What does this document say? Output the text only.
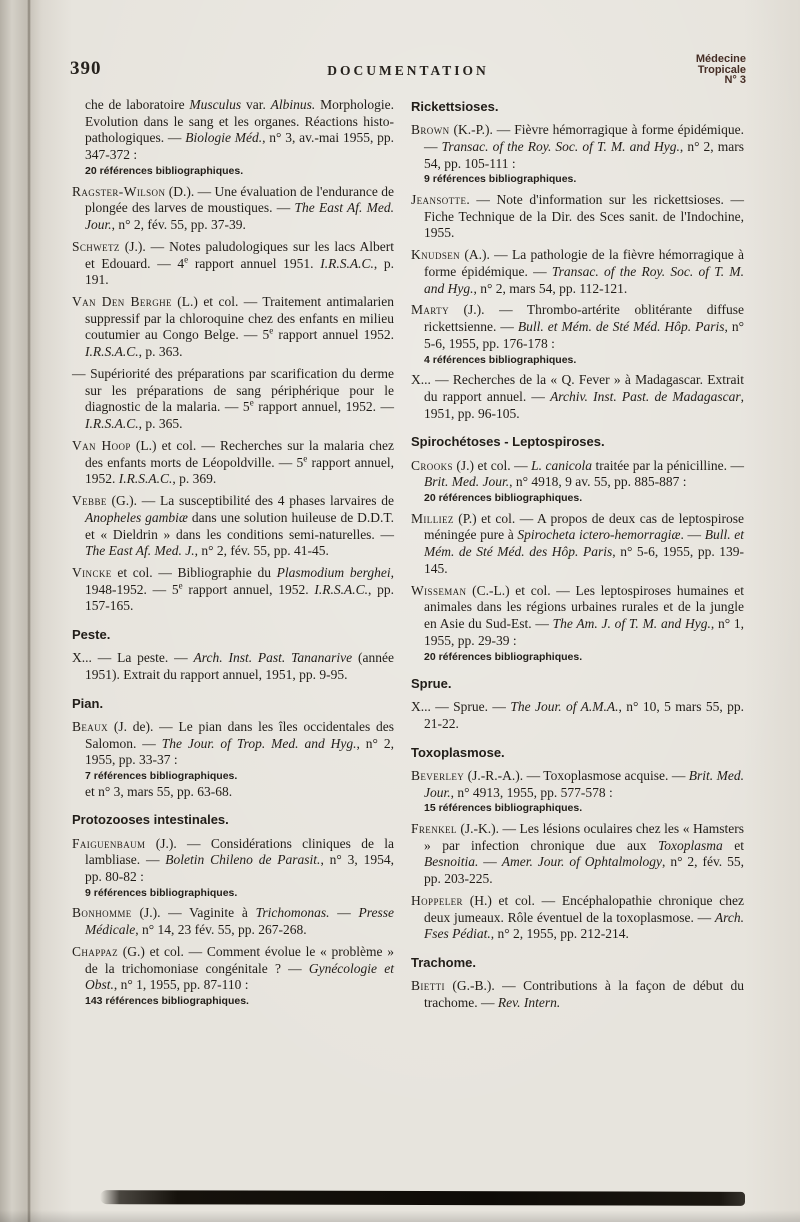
390	DOCUMENTATION
Médecine
Tropicale
N° 3

che de laboratoire Musculus var. Albinus. Morphologie. Evolution dans le sang et les organes. Réactions histo-pathologiques. — Biologie Méd., n° 3, av.-mai 1955, pp. 347-372 :
20 références bibliographiques.

Ragster-Wilson (D.). — Une évaluation de l'endurance de plongée des larves de moustiques. — The East Af. Med. Jour., n° 2, fév. 55, pp. 37-39.

Schwetz (J.). — Notes paludologiques sur les lacs Albert et Edouard. — 4e rapport annuel 1951. I.R.S.A.C., p. 191.

Van Den Berghe (L.) et col. — Traitement antimalarien suppressif par la chloroquine chez des enfants en milieu coutumier au Congo Belge. — 5e rapport annuel 1952. I.R.S.A.C., p. 363.

— Supériorité des préparations par scarification du derme sur les préparations de sang périphérique pour le diagnostic de la malaria. — 5e rapport annuel, 1952. — I.R.S.A.C., p. 365.

Van Hoop (L.) et col. — Recherches sur la malaria chez des enfants morts de Léopoldville. — 5e rapport annuel, 1952. I.R.S.A.C., p. 369.

Vebbe (G.). — La susceptibilité des 4 phases larvaires de Anopheles gambiæ dans une solution huileuse de D.D.T. et « Dieldrin » dans les conditions semi-naturelles. — The East Af. Med. J., n° 2, fév. 55, pp. 41-45.

Vincke et col. — Bibliographie du Plasmodium berghei, 1948-1952. — 5e rapport annuel, 1952. I.R.S.A.C., pp. 157-165.

Peste.

X... — La peste. — Arch. Inst. Past. Tananarive (année 1951). Extrait du rapport annuel, 1951, pp. 9-95.

Pian.

Beaux (J. de). — Le pian dans les îles occidentales des Salomon. — The Jour. of Trop. Med. and Hyg., n° 2, 1955, pp. 33-37 :
7 références bibliographiques.
et n° 3, mars 55, pp. 63-68.

Protozooses intestinales.

Faiguenbaum (J.). — Considérations cliniques de la lambliase. — Boletin Chileno de Parasit., n° 3, 1954, pp. 80-82 :
9 références bibliographiques.

Bonhomme (J.). — Vaginite à Trichomonas. — Presse Médicale, n° 14, 23 fév. 55, pp. 267-268.

Chappaz (G.) et col. — Comment évolue le « problème » de la trichomoniase congénitale ? — Gynécologie et Obst., n° 1, 1955, pp. 87-110 :
143 références bibliographiques.

Rickettsioses.

Brown (K.-P.). — Fièvre hémorragique à forme épidémique. — Transac. of the Roy. Soc. of T. M. and Hyg., n° 2, mars 54, pp. 105-111 :
9 références bibliographiques.

Jeansotte. — Note d'information sur les rickettsioses. — Fiche Technique de la Dir. des Sces sanit. de l'Indochine, 1955.

Knudsen (A.). — La pathologie de la fièvre hémorragique à forme épidémique. — Transac. of the Roy. Soc. of T. M. and Hyg., n° 2, mars 54, pp. 112-121.

Marty (J.). — Thrombo-artérite oblitérante diffuse rickettsienne. — Bull. et Mém. de Sté Méd. Hôp. Paris, n° 5-6, 1955, pp. 176-178 :
4 références bibliographiques.

X... — Recherches de la « Q. Fever » à Madagascar. Extrait du rapport annuel. — Archiv. Inst. Past. de Madagascar, 1951, pp. 96-105.

Spirochétoses - Leptospiroses.

Crooks (J.) et col. — L. canicola traitée par la pénicilline. — Brit. Med. Jour., n° 4918, 9 av. 55, pp. 885-887 :
20 références bibliographiques.

Milliez (P.) et col. — A propos de deux cas de leptospirose méningée pure à Spirocheta ictero-hemorragiæ. — Bull. et Mém. de Sté Méd. des Hôp. Paris, n° 5-6, 1955, pp. 139-145.

Wisseman (C.-L.) et col. — Les leptospiroses humaines et animales dans les régions urbaines rurales et de la jungle en Asie du Sud-Est. — The Am. J. of T. M. and Hyg., n° 1, 1955, pp. 29-39 :
20 références bibliographiques.

Sprue.

X... — Sprue. — The Jour. of A.M.A., n° 10, 5 mars 55, pp. 21-22.

Toxoplasmose.

Beverley (J.-R.-A.). — Toxoplasmose acquise. — Brit. Med. Jour., n° 4913, 1955, pp. 577-578 :
15 références bibliographiques.

Frenkel (J.-K.). — Les lésions oculaires chez les « Hamsters » par infection chronique due aux Toxoplasma et Besnoitia. — Amer. Jour. of Ophtalmology, n° 2, fév. 55, pp. 203-225.

Hoppeler (H.) et col. — Encéphalopathie chronique chez deux jumeaux. Rôle éventuel de la toxoplasmose. — Arch. Fses Pédiat., n° 2, 1955, pp. 212-214.

Trachome.

Bietti (G.-B.). — Contributions à la façon de début du trachome. — Rev. Intern.
